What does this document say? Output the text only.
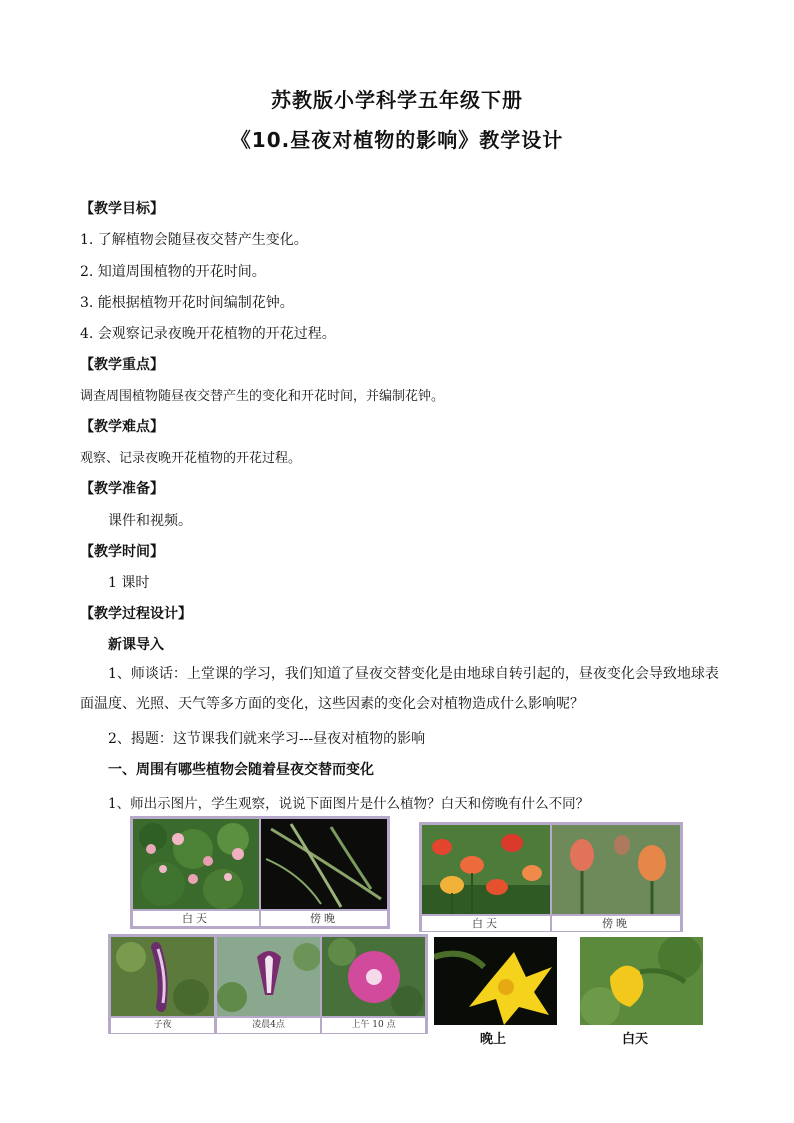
苏教版小学科学五年级下册
《10.昼夜对植物的影响》教学设计
【教学目标】
1. 了解植物会随昼夜交替产生变化。
2. 知道周围植物的开花时间。
3. 能根据植物开花时间编制花钟。
4. 会观察记录夜晚开花植物的开花过程。
【教学重点】
调查周围植物随昼夜交替产生的变化和开花时间，并编制花钟。
【教学难点】
观察、记录夜晚开花植物的开花过程。
【教学准备】
课件和视频。
【教学时间】
1 课时
【教学过程设计】
新课导入
1、师谈话：上堂课的学习，我们知道了昼夜交替变化是由地球自转引起的，昼夜变化会导致地球表面温度、光照、天气等多方面的变化，这些因素的变化会对植物造成什么影响呢？
2、揭题：这节课我们就来学习---昼夜对植物的影响
一、周围有哪些植物会随着昼夜交替而变化
1、师出示图片，学生观察，说说下面图片是什么植物？白天和傍晚有什么不同？
白天	傍晚	白天	傍晚
子夜	凌晨4点	上午 10 点
晚上	白天
